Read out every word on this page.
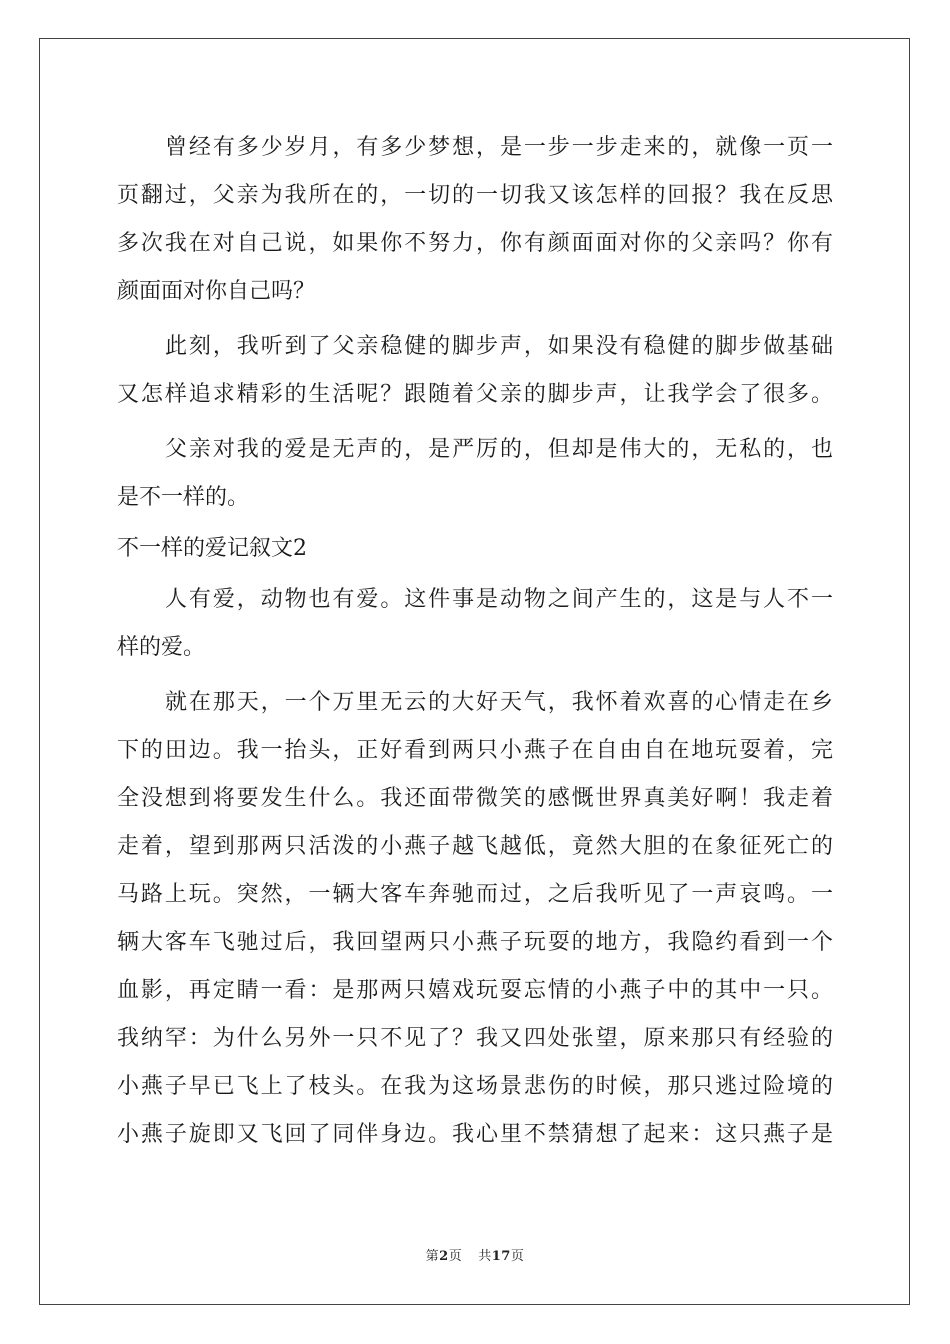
曾经有多少岁月，有多少梦想，是一步一步走来的，就像一页一
页翻过，父亲为我所在的，一切的一切我又该怎样的回报？我在反思
多次我在对自己说，如果你不努力，你有颜面面对你的父亲吗？你有
颜面面对你自己吗？
此刻，我听到了父亲稳健的脚步声，如果没有稳健的脚步做基础
又怎样追求精彩的生活呢？跟随着父亲的脚步声，让我学会了很多。
父亲对我的爱是无声的，是严厉的，但却是伟大的，无私的，也
是不一样的。
不一样的爱记叙文2
人有爱，动物也有爱。这件事是动物之间产生的，这是与人不一
样的爱。
就在那天，一个万里无云的大好天气，我怀着欢喜的心情走在乡
下的田边。我一抬头，正好看到两只小燕子在自由自在地玩耍着，完
全没想到将要发生什么。我还面带微笑的感慨世界真美好啊！我走着
走着，望到那两只活泼的小燕子越飞越低，竟然大胆的在象征死亡的
马路上玩。突然，一辆大客车奔驰而过，之后我听见了一声哀鸣。一
辆大客车飞驰过后，我回望两只小燕子玩耍的地方，我隐约看到一个
血影，再定睛一看：是那两只嬉戏玩耍忘情的小燕子中的其中一只。
我纳罕：为什么另外一只不见了？我又四处张望，原来那只有经验的
小燕子早已飞上了枝头。在我为这场景悲伤的时候，那只逃过险境的
小燕子旋即又飞回了同伴身边。我心里不禁猜想了起来：这只燕子是
第2页 共17页
